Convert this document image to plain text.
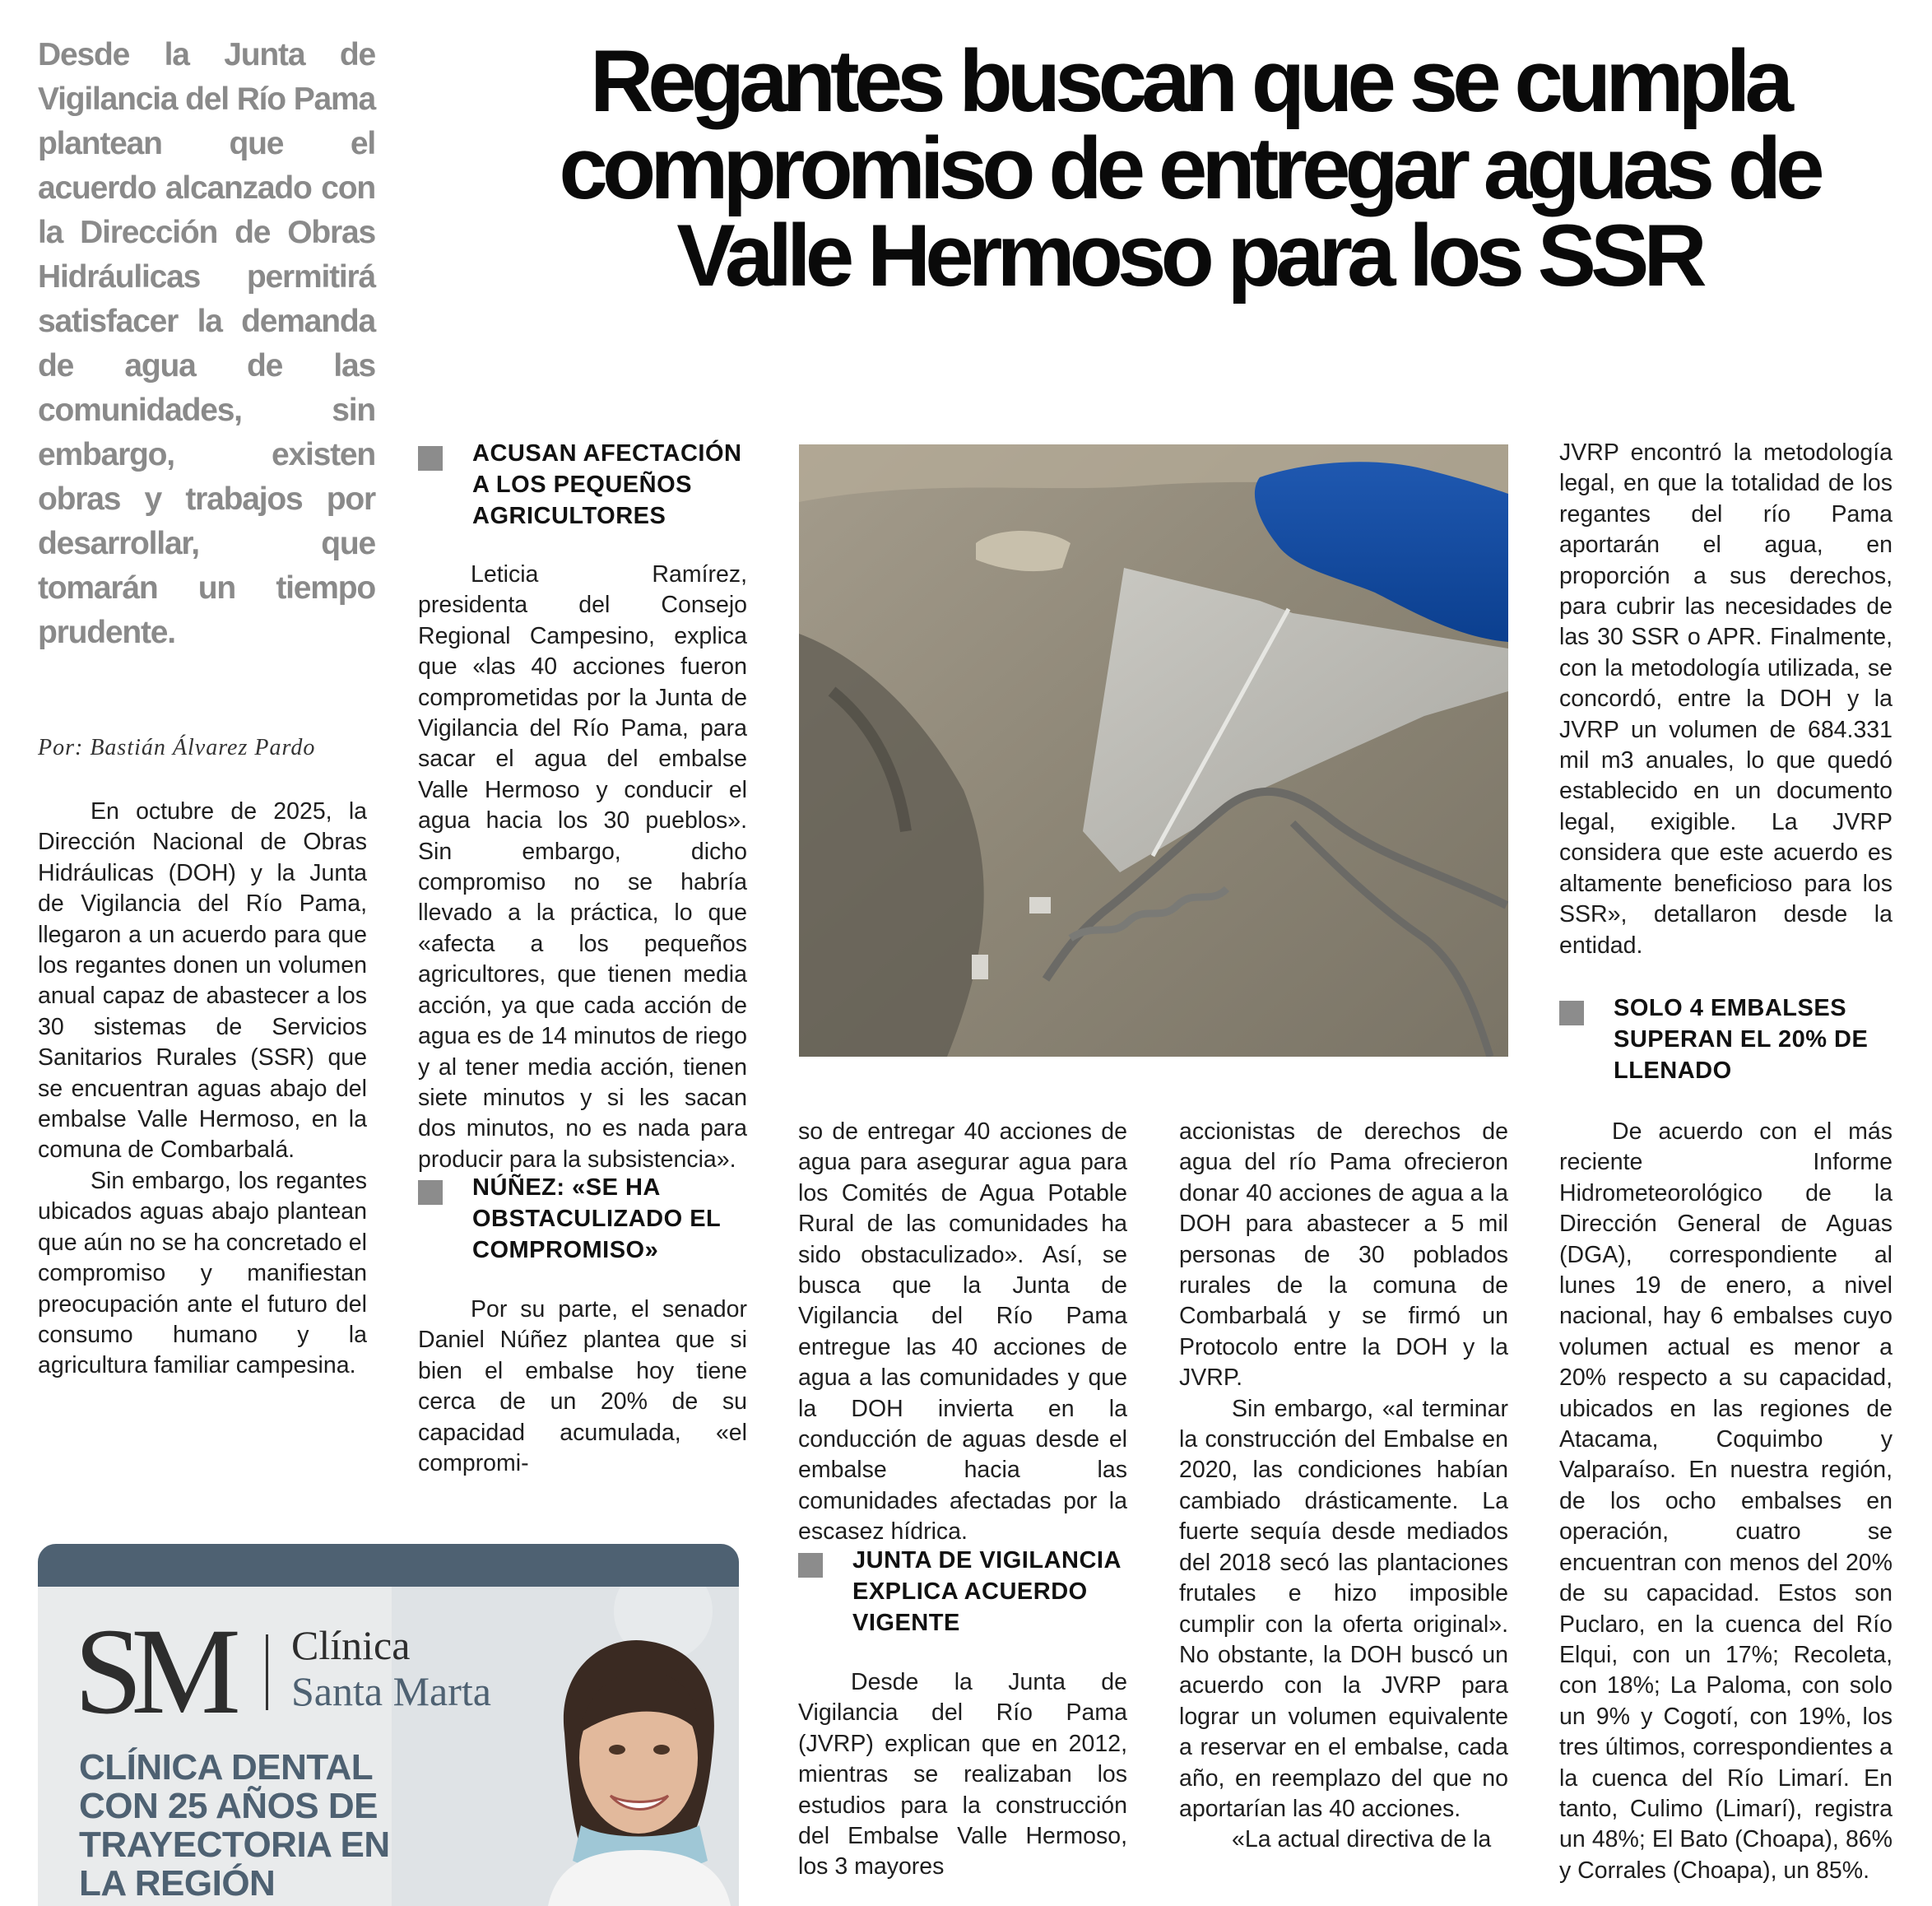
Desde la Junta de Vigilancia del Río Pama plantean que el acuerdo alcanzado con la Dirección de Obras Hidráulicas permitirá satisfacer la demanda de agua de las comunidades, sin embargo, existen obras y trabajos por desarrollar, que tomarán un tiempo prudente.
Regantes buscan que se cumpla compromiso de entregar aguas de Valle Hermoso para los SSR
Por: Bastián Álvarez Pardo

En octubre de 2025, la Dirección Nacional de Obras Hidráulicas (DOH) y la Junta de Vigilancia del Río Pama, llegaron a un acuerdo para que los regantes donen un volumen anual capaz de abastecer a los 30 sistemas de Servicios Sanitarios Rurales (SSR) que se encuentran aguas abajo del embalse Valle Hermoso, en la comuna de Combarbalá.

Sin embargo, los regantes ubicados aguas abajo plantean que aún no se ha concretado el compromiso y manifiestan preocupación ante el futuro del consumo humano y la agricultura familiar campesina.

ACUSAN AFECTACIÓN A LOS PEQUEÑOS AGRICULTORES

Leticia Ramírez, presidenta del Consejo Regional Campesino, explica que «las 40 acciones fueron comprometidas por la Junta de Vigilancia del Río Pama, para sacar el agua del embalse Valle Hermoso y conducir el agua hacia los 30 pueblos». Sin embargo, dicho compromiso no se habría llevado a la práctica, lo que «afecta a los pequeños agricultores, que tienen media acción, ya que cada acción de agua es de 14 minutos de riego y al tener media acción, tienen siete minutos y si les sacan dos minutos, no es nada para producir para la subsistencia».

NÚÑEZ: «SE HA OBSTACULIZADO EL COMPROMISO»

Por su parte, el senador Daniel Núñez plantea que si bien el embalse hoy tiene cerca de un 20% de su capacidad acumulada, «el compromi-

so de entregar 40 acciones de agua para asegurar agua para los Comités de Agua Potable Rural de las comunidades ha sido obstaculizado». Así, se busca que la Junta de Vigilancia del Río Pama entregue las 40 acciones de agua a las comunidades y que la DOH invierta en la conducción de aguas desde el embalse hacia las comunidades afectadas por la escasez hídrica.

JUNTA DE VIGILANCIA EXPLICA ACUERDO VIGENTE

Desde la Junta de Vigilancia del Río Pama (JVRP) explican que en 2012, mientras se realizaban los estudios para la construcción del Embalse Valle Hermoso, los 3 mayores

accionistas de derechos de agua del río Pama ofrecieron donar 40 acciones de agua a la DOH para abastecer a 5 mil personas de 30 poblados rurales de la comuna de Combarbalá y se firmó un Protocolo entre la DOH y la JVRP.

Sin embargo, «al terminar la construcción del Embalse en 2020, las condiciones habían cambiado drásticamente. La fuerte sequía desde mediados del 2018 secó las plantaciones frutales e hizo imposible cumplir con la oferta original». No obstante, la DOH buscó un acuerdo con la JVRP para lograr un volumen equivalente a reservar en el embalse, cada año, en reemplazo del que no aportarían las 40 acciones.

«La actual directiva de la

JVRP encontró la metodología legal, en que la totalidad de los regantes del río Pama aportarán el agua, en proporción a sus derechos, para cubrir las necesidades de las 30 SSR o APR. Finalmente, con la metodología utilizada, se concordó, entre la DOH y la JVRP un volumen de 684.331 mil m3 anuales, lo que quedó establecido en un documento legal, exigible. La JVRP considera que este acuerdo es altamente beneficioso para los SSR», detallaron desde la entidad.

SOLO 4 EMBALSES SUPERAN EL 20% DE LLENADO

De acuerdo con el más reciente Informe Hidrometeorológico de la Dirección General de Aguas (DGA), correspondiente al lunes 19 de enero, a nivel nacional, hay 6 embalses cuyo volumen actual es menor a 20% respecto a su capacidad, ubicados en las regiones de Atacama, Coquimbo y Valparaíso. En nuestra región, de los ocho embalses en operación, cuatro se encuentran con menos del 20% de su capacidad. Estos son Puclaro, en la cuenca del Río Elqui, con un 17%; Recoleta, con 18%; La Paloma, con solo un 9% y Cogotí, con 19%, los tres últimos, correspondientes a la cuenca del Río Limarí. En tanto, Culimo (Limarí), registra un 48%; El Bato (Choapa), 86% y Corrales (Choapa), un 85%.

SM Clínica
Santa Marta
CLÍNICA DENTAL CON 25 AÑOS DE TRAYECTORIA EN LA REGIÓN
